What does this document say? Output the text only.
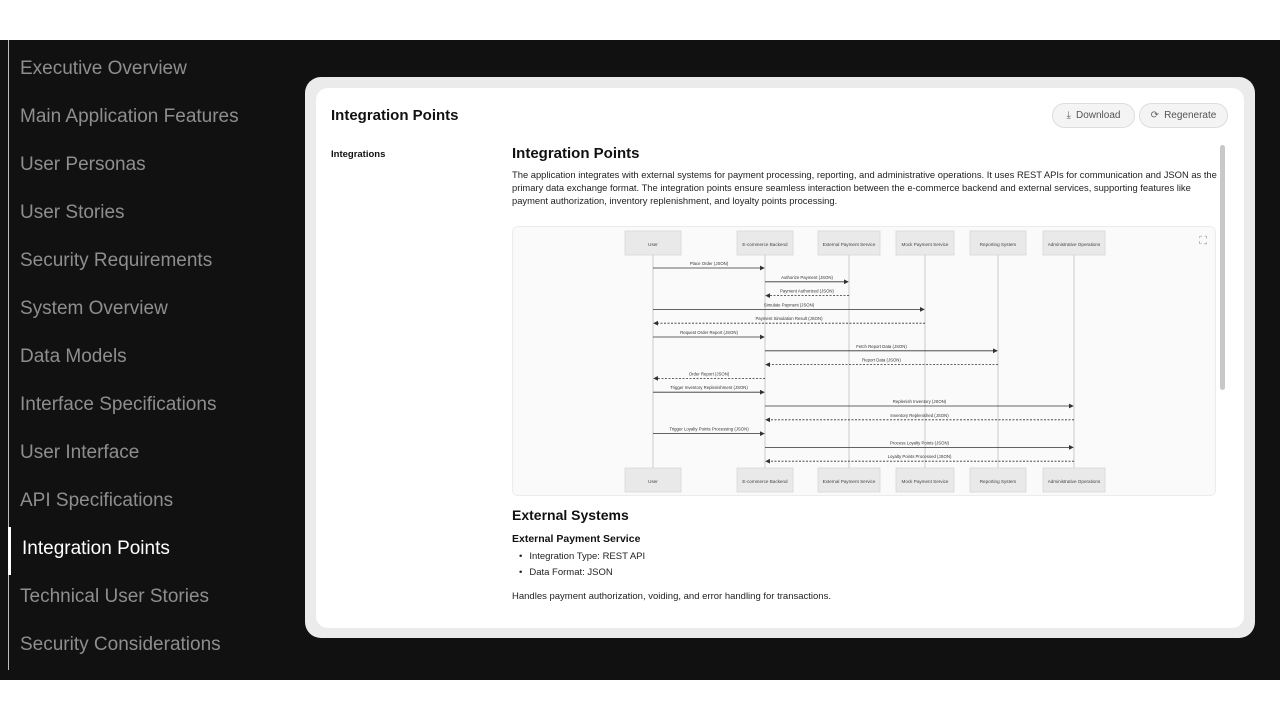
Executive Overview
Main Application Features
User Personas
User Stories
Security Requirements
System Overview
Data Models
Interface Specifications
User Interface
API Specifications
Integration Points
Technical User Stories
Security Considerations
Integration Points	⤓ Download	⟳ Regenerate
Integrations	Integration Points

The application integrates with external systems for payment processing, reporting, and administrative operations. It uses REST APIs for communication and JSON as the primary data exchange format. The integration points ensure seamless interaction between the e-commerce backend and external services, supporting features like payment authorization, inventory replenishment, and loyalty points processing.

User	E-commerce Backend	External Payment Service	Mock Payment Service	Reporting System	Administrative Operations
User	E-commerce Backend	External Payment Service	Mock Payment Service	Reporting System	Administrative Operations
Place Order (JSON)
Authorize Payment (JSON)
Payment Authorized (JSON)
Simulate Payment (JSON)
Payment Simulation Result (JSON)
Request Order Report (JSON)
Fetch Report Data (JSON)
Report Data (JSON)
Order Report (JSON)
Trigger Inventory Replenishment (JSON)
Replenish Inventory (JSON)
Inventory Replenished (JSON)
Trigger Loyalty Points Processing (JSON)
Process Loyalty Points (JSON)
Loyalty Points Processed (JSON)
⛶
External Systems
External Payment Service
• Integration Type: REST API
• Data Format: JSON
Handles payment authorization, voiding, and error handling for transactions.
